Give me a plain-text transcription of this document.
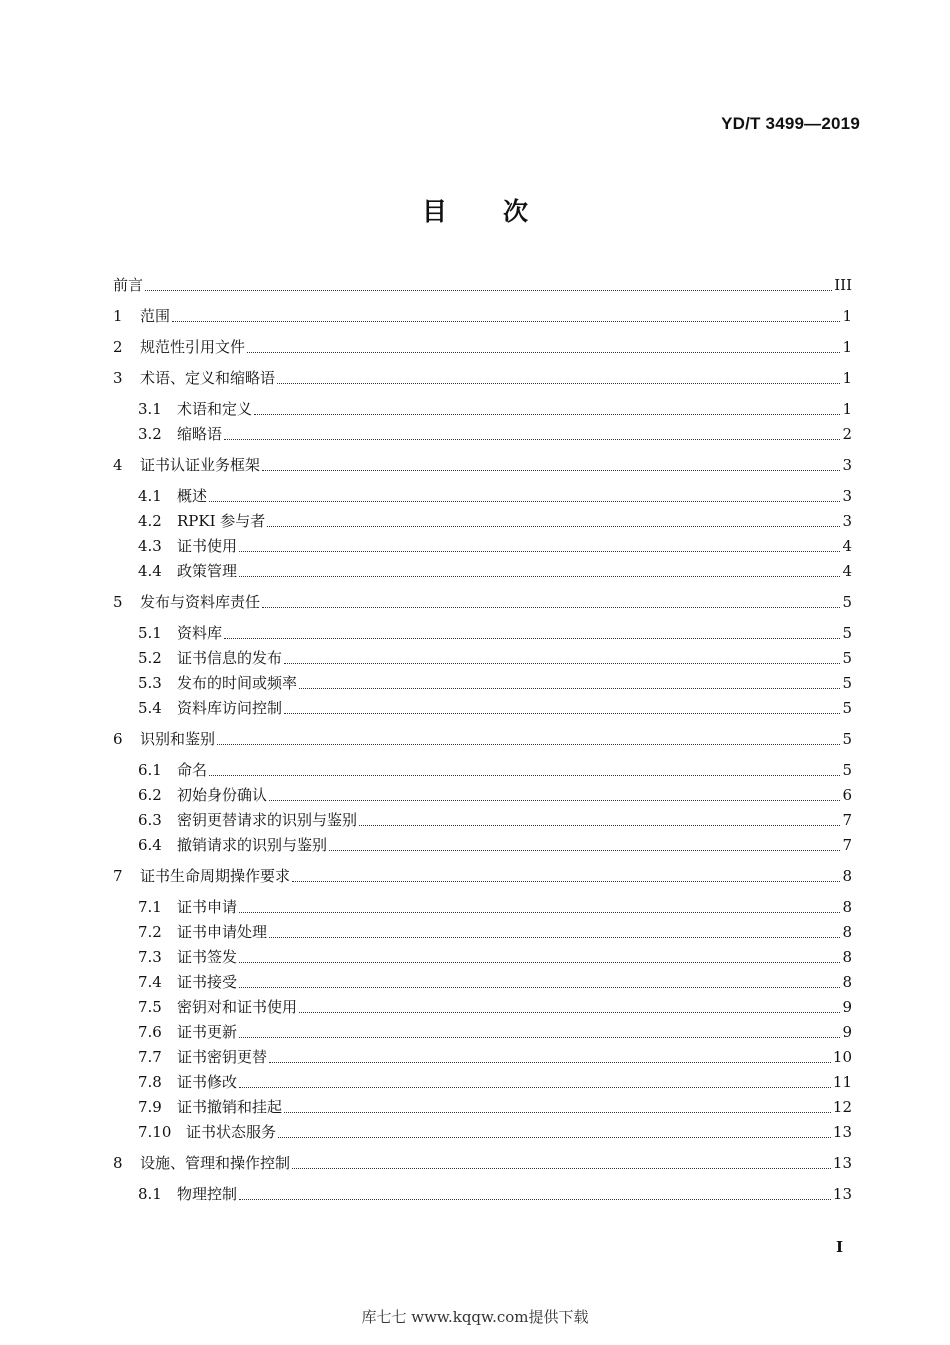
YD/T 3499—2019
目 次
前言	III
1	范围	1
2	规范性引用文件	1
3	术语、定义和缩略语	1
3.1	术语和定义	1
3.2	缩略语	2
4	证书认证业务框架	3
4.1	概述	3
4.2	RPKI 参与者	3
4.3	证书使用	4
4.4	政策管理	4
5	发布与资料库责任	5
5.1	资料库	5
5.2	证书信息的发布	5
5.3	发布的时间或频率	5
5.4	资料库访问控制	5
6	识别和鉴别	5
6.1	命名	5
6.2	初始身份确认	6
6.3	密钥更替请求的识别与鉴别	7
6.4	撤销请求的识别与鉴别	7
7	证书生命周期操作要求	8
7.1	证书申请	8
7.2	证书申请处理	8
7.3	证书签发	8
7.4	证书接受	8
7.5	密钥对和证书使用	9
7.6	证书更新	9
7.7	证书密钥更替	10
7.8	证书修改	11
7.9	证书撤销和挂起	12
7.10 证书状态服务	13
8	设施、管理和操作控制	13
8.1	物理控制	13
I
库七七 www.kqqw.com提供下载
